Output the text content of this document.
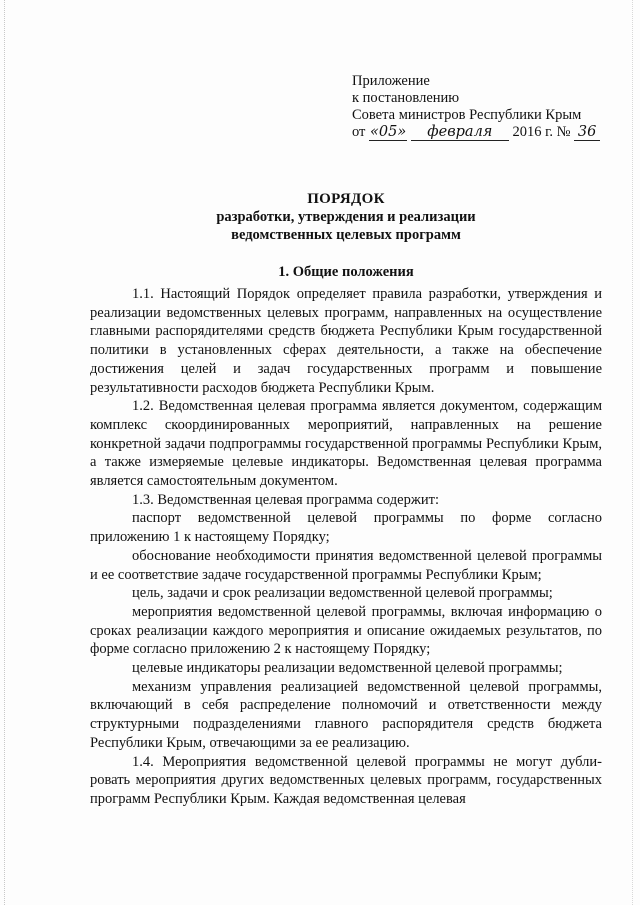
Приложение
к постановлению
Совета министров Республики Крым
от «05» февраля 2016 г. № 36
ПОРЯДОК
разработки, утверждения и реализации
ведомственных целевых программ
1. Общие положения

1.1. Настоящий Порядок определяет правила разработки, утверждения и реализации ведомственных целевых программ, направленных на осуществление главными распорядителями средств бюджета Республики Крым государственной политики в установленных сферах деятельности, а также на обеспечение достижения целей и задач государственных программ и повышение результативности расходов бюджета Республики Крым.

1.2. Ведомственная целевая программа является документом, содержащим комплекс скоординированных мероприятий, направленных на решение конкретной задачи подпрограммы государственной программы Республики Крым, а также измеряемые целевые индикаторы. Ведомственная целевая программа является самостоятельным документом.

1.3. Ведомственная целевая программа содержит:

паспорт ведомственной целевой программы по форме согласно приложению 1 к настоящему Порядку;

обоснование необходимости принятия ведомственной целевой программы и ее соответствие задаче государственной программы Республики Крым;

цель, задачи и срок реализации ведомственной целевой программы;

мероприятия ведомственной целевой программы, включая информацию о сроках реализации каждого мероприятия и описание ожидаемых результатов, по форме согласно приложению 2 к настоящему Порядку;

целевые индикаторы реализации ведомственной целевой программы;

механизм управления реализацией ведомственной целевой программы, включающий в себя распределение полномочий и ответственности между структурными подразделениями главного распорядителя средств бюджета Республики Крым, отвечающими за ее реализацию.

1.4. Мероприятия ведомственной целевой программы не могут дублировать мероприятия других ведомственных целевых программ, государственных программ Республики Крым. Каждая ведомственная целевая
